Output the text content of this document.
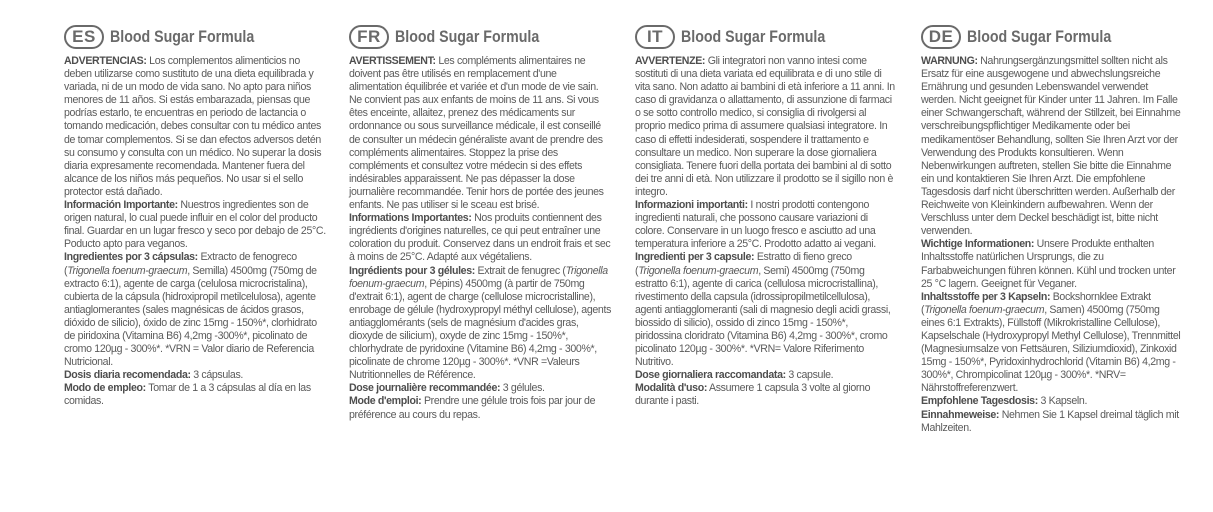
ES Blood Sugar Formula

ADVERTENCIAS: Los complementos alimenticios no deben utilizarse como sustituto de una dieta equilibrada y variada, ni de un modo de vida sano. No apto para niños menores de 11 años. Si estás embarazada, piensas que podrías estarlo, te encuentras en periodo de lactancia o tomando medicación, debes consultar con tu médico antes de tomar complementos. Si se dan efectos adversos detén su consumo y consulta con un médico. No superar la dosis diaria expresamente recomendada. Mantener fuera del alcance de los niños más pequeños. No usar si el sello protector está dañado.

Información Importante: Nuestros ingredientes son de origen natural, lo cual puede influir en el color del producto final. Guardar en un lugar fresco y seco por debajo de 25°C. Poducto apto para veganos.

Ingredientes por 3 cápsulas: Extracto de fenogreco (Trigonella foenum-graecum, Semilla) 4500mg (750mg de extracto 6:1), agente de carga (celulosa microcristalina), cubierta de la cápsula (hidroxipropil metilcelulosa), agente antiaglomerantes (sales magnésicas de ácidos grasos, dióxido de silicio), óxido de zinc 15mg - 150%*, clorhidrato de piridoxina (Vitamina B6) 4,2mg -300%*, picolinato de cromo 120µg - 300%*. *VRN = Valor diario de Referencia Nutricional.

Dosis diaria recomendada: 3 cápsulas.

Modo de empleo: Tomar de 1 a 3 cápsulas al día en las comidas.

FR Blood Sugar Formula

AVERTISSEMENT: Les compléments alimentaires ne doivent pas être utilisés en remplacement d'une alimentation équilibrée et variée et d'un mode de vie sain. Ne convient pas aux enfants de moins de 11 ans. Si vous êtes enceinte, allaitez, prenez des médicaments sur ordonnance ou sous surveillance médicale, il est conseillé de consulter un médecin généraliste avant de prendre des compléments alimentaires. Stoppez la prise des compléments et consultez votre médecin si des effets indésirables apparaissent. Ne pas dépasser la dose journalière recommandée. Tenir hors de portée des jeunes enfants. Ne pas utiliser si le sceau est brisé.

Informations Importantes: Nos produits contiennent des ingrédients d'origines naturelles, ce qui peut entraîner une coloration du produit. Conservez dans un endroit frais et sec à moins de 25°C. Adapté aux végétaliens.

Ingrédients pour 3 gélules: Extrait de fenugrec (Trigonella foenum-graecum, Pépins) 4500mg (à partir de 750mg d'extrait 6:1), agent de charge (cellulose microcristalline), enrobage de gélule (hydroxypropyl méthyl cellulose), agents antiagglomérants (sels de magnésium d'acides gras, dioxyde de silicium), oxyde de zinc 15mg - 150%*, chlorhydrate de pyridoxine (Vitamine B6) 4,2mg - 300%*, picolinate de chrome 120µg - 300%*. *VNR =Valeurs Nutritionnelles de Référence.

Dose journalière recommandée: 3 gélules.

Mode d'emploi: Prendre une gélule trois fois par jour de préférence au cours du repas.

IT	Blood Sugar Formula

AVVERTENZE: Gli integratori non vanno intesi come sostituti di una dieta variata ed equilibrata e di uno stile di vita sano. Non adatto ai bambini di età inferiore a 11 anni. In caso di gravidanza o allattamento, di assunzione di farmaci o se sotto controllo medico, si consiglia di rivolgersi al proprio medico prima di assumere qualsiasi integratore. In caso di effetti indesiderati, sospendere il trattamento e consultare un medico. Non superare la dose giornaliera consigliata. Tenere fuori della portata dei bambini al di sotto dei tre anni di età. Non utilizzare il prodotto se il sigillo non è integro.

Informazioni importanti: I nostri prodotti contengono ingredienti naturali, che possono causare variazioni di colore. Conservare in un luogo fresco e asciutto ad una temperatura inferiore a 25°C. Prodotto adatto ai vegani.

Ingredienti per 3 capsule: Estratto di fieno greco (Trigonella foenum-graecum, Semi) 4500mg (750mg estratto 6:1), agente di carica (cellulosa microcristallina), rivestimento della capsula (idrossipropilmetilcellulosa), agenti antiagglomeranti (sali di magnesio degli acidi grassi, biossido di silicio), ossido di zinco 15mg - 150%*, piridossina cloridrato (Vitamina B6) 4,2mg - 300%*, cromo picolinato 120µg - 300%*. *VRN= Valore Riferimento Nutritivo.

Dose giornaliera raccomandata: 3 capsule.

Modalità d'uso: Assumere 1 capsula 3 volte al giorno durante i pasti.

DE Blood Sugar Formula

WARNUNG: Nahrungsergänzungsmittel sollten nicht als Ersatz für eine ausgewogene und abwechslungsreiche Ernährung und gesunden Lebenswandel verwendet werden. Nicht geeignet für Kinder unter 11 Jahren. Im Falle einer Schwangerschaft, während der Stillzeit, bei Einnahme verschreibungspflichtiger Medikamente oder bei medikamentöser Behandlung, sollten Sie Ihren Arzt vor der Verwendung des Produkts konsultieren. Wenn Nebenwirkungen auftreten, stellen Sie bitte die Einnahme ein und kontaktieren Sie Ihren Arzt. Die empfohlene Tagesdosis darf nicht überschritten werden. Außerhalb der Reichweite von Kleinkindern aufbewahren. Wenn der Verschluss unter dem Deckel beschädigt ist, bitte nicht verwenden.

Wichtige Informationen: Unsere Produkte enthalten Inhaltsstoffe natürlichen Ursprungs, die zu Farbabweichungen führen können. Kühl und trocken unter 25 °C lagern. Geeignet für Veganer.

Inhaltsstoffe per 3 Kapseln: Bockshornklee Extrakt (Trigonella foenum-graecum, Samen) 4500mg (750mg eines 6:1 Extrakts), Füllstoff (Mikrokristalline Cellulose), Kapselschale (Hydroxypropyl Methyl Cellulose), Trennmittel (Magnesiumsalze von Fettsäuren, Siliziumdioxid), Zinkoxid 15mg - 150%*, Pyridoxinhydrochlorid (Vitamin B6) 4,2mg - 300%*, Chrompicolinat 120µg - 300%*. *NRV= Nährstoffreferenzwert.

Empfohlene Tagesdosis: 3 Kapseln.

Einnahmeweise: Nehmen Sie 1 Kapsel dreimal täglich mit Mahlzeiten.
